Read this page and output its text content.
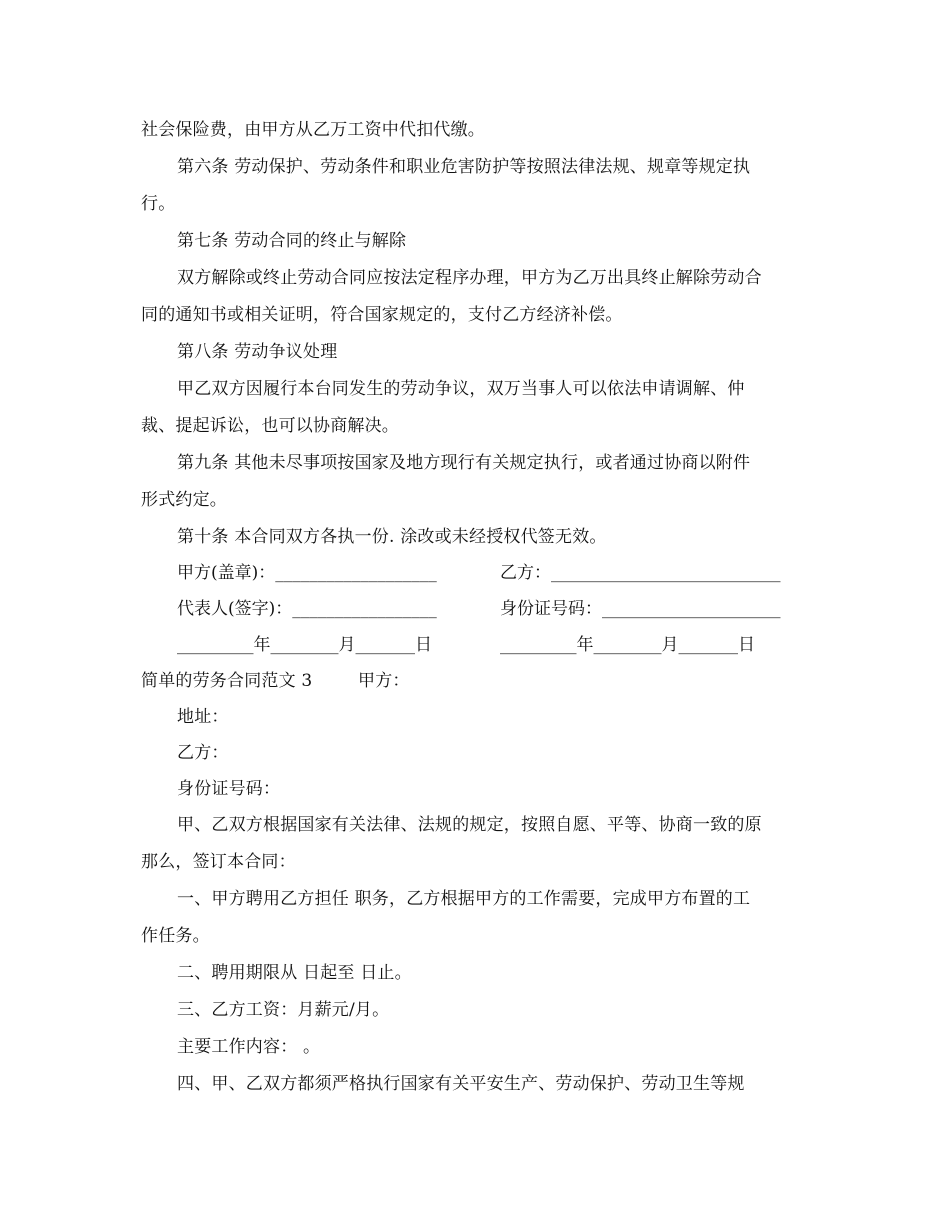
社会保险费，由甲方从乙万工资中代扣代缴。
第六条 劳动保护、劳动条件和职业危害防护等按照法律法规、规章等规定执
行。
第七条 劳动合同的终止与解除
双方解除或终止劳动合同应按法定程序办理，甲方为乙万出具终止解除劳动合
同的通知书或相关证明，符合国家规定的，支付乙方经济补偿。
第八条 劳动争议处理
甲乙双方因履行本台同发生的劳动争议，双万当事人可以依法申请调解、仲
裁、提起诉讼，也可以协商解决。
第九条 其他未尽事项按国家及地方现行有关规定执行，或者通过协商以附件
形式约定。
第十条 本合同双方各执一份. 涂改或未经授权代签无效。
甲方(盖章)：___________________	乙方：___________________________
代表人(签字)：_________________	身份证号码：_____________________
_________年________月_______日	_________年________月_______日
简单的劳务合同范文 3	甲方：
地址：
乙方：
身份证号码：
甲、乙双方根据国家有关法律、法规的规定，按照自愿、平等、协商一致的原
那么，签订本合同：
一、甲方聘用乙方担任 职务，乙方根据甲方的工作需要，完成甲方布置的工
作任务。
二、聘用期限从 日起至 日止。
三、乙方工资：月薪元/月。
主要工作内容： 。
四、甲、乙双方都须严格执行国家有关平安生产、劳动保护、劳动卫生等规
